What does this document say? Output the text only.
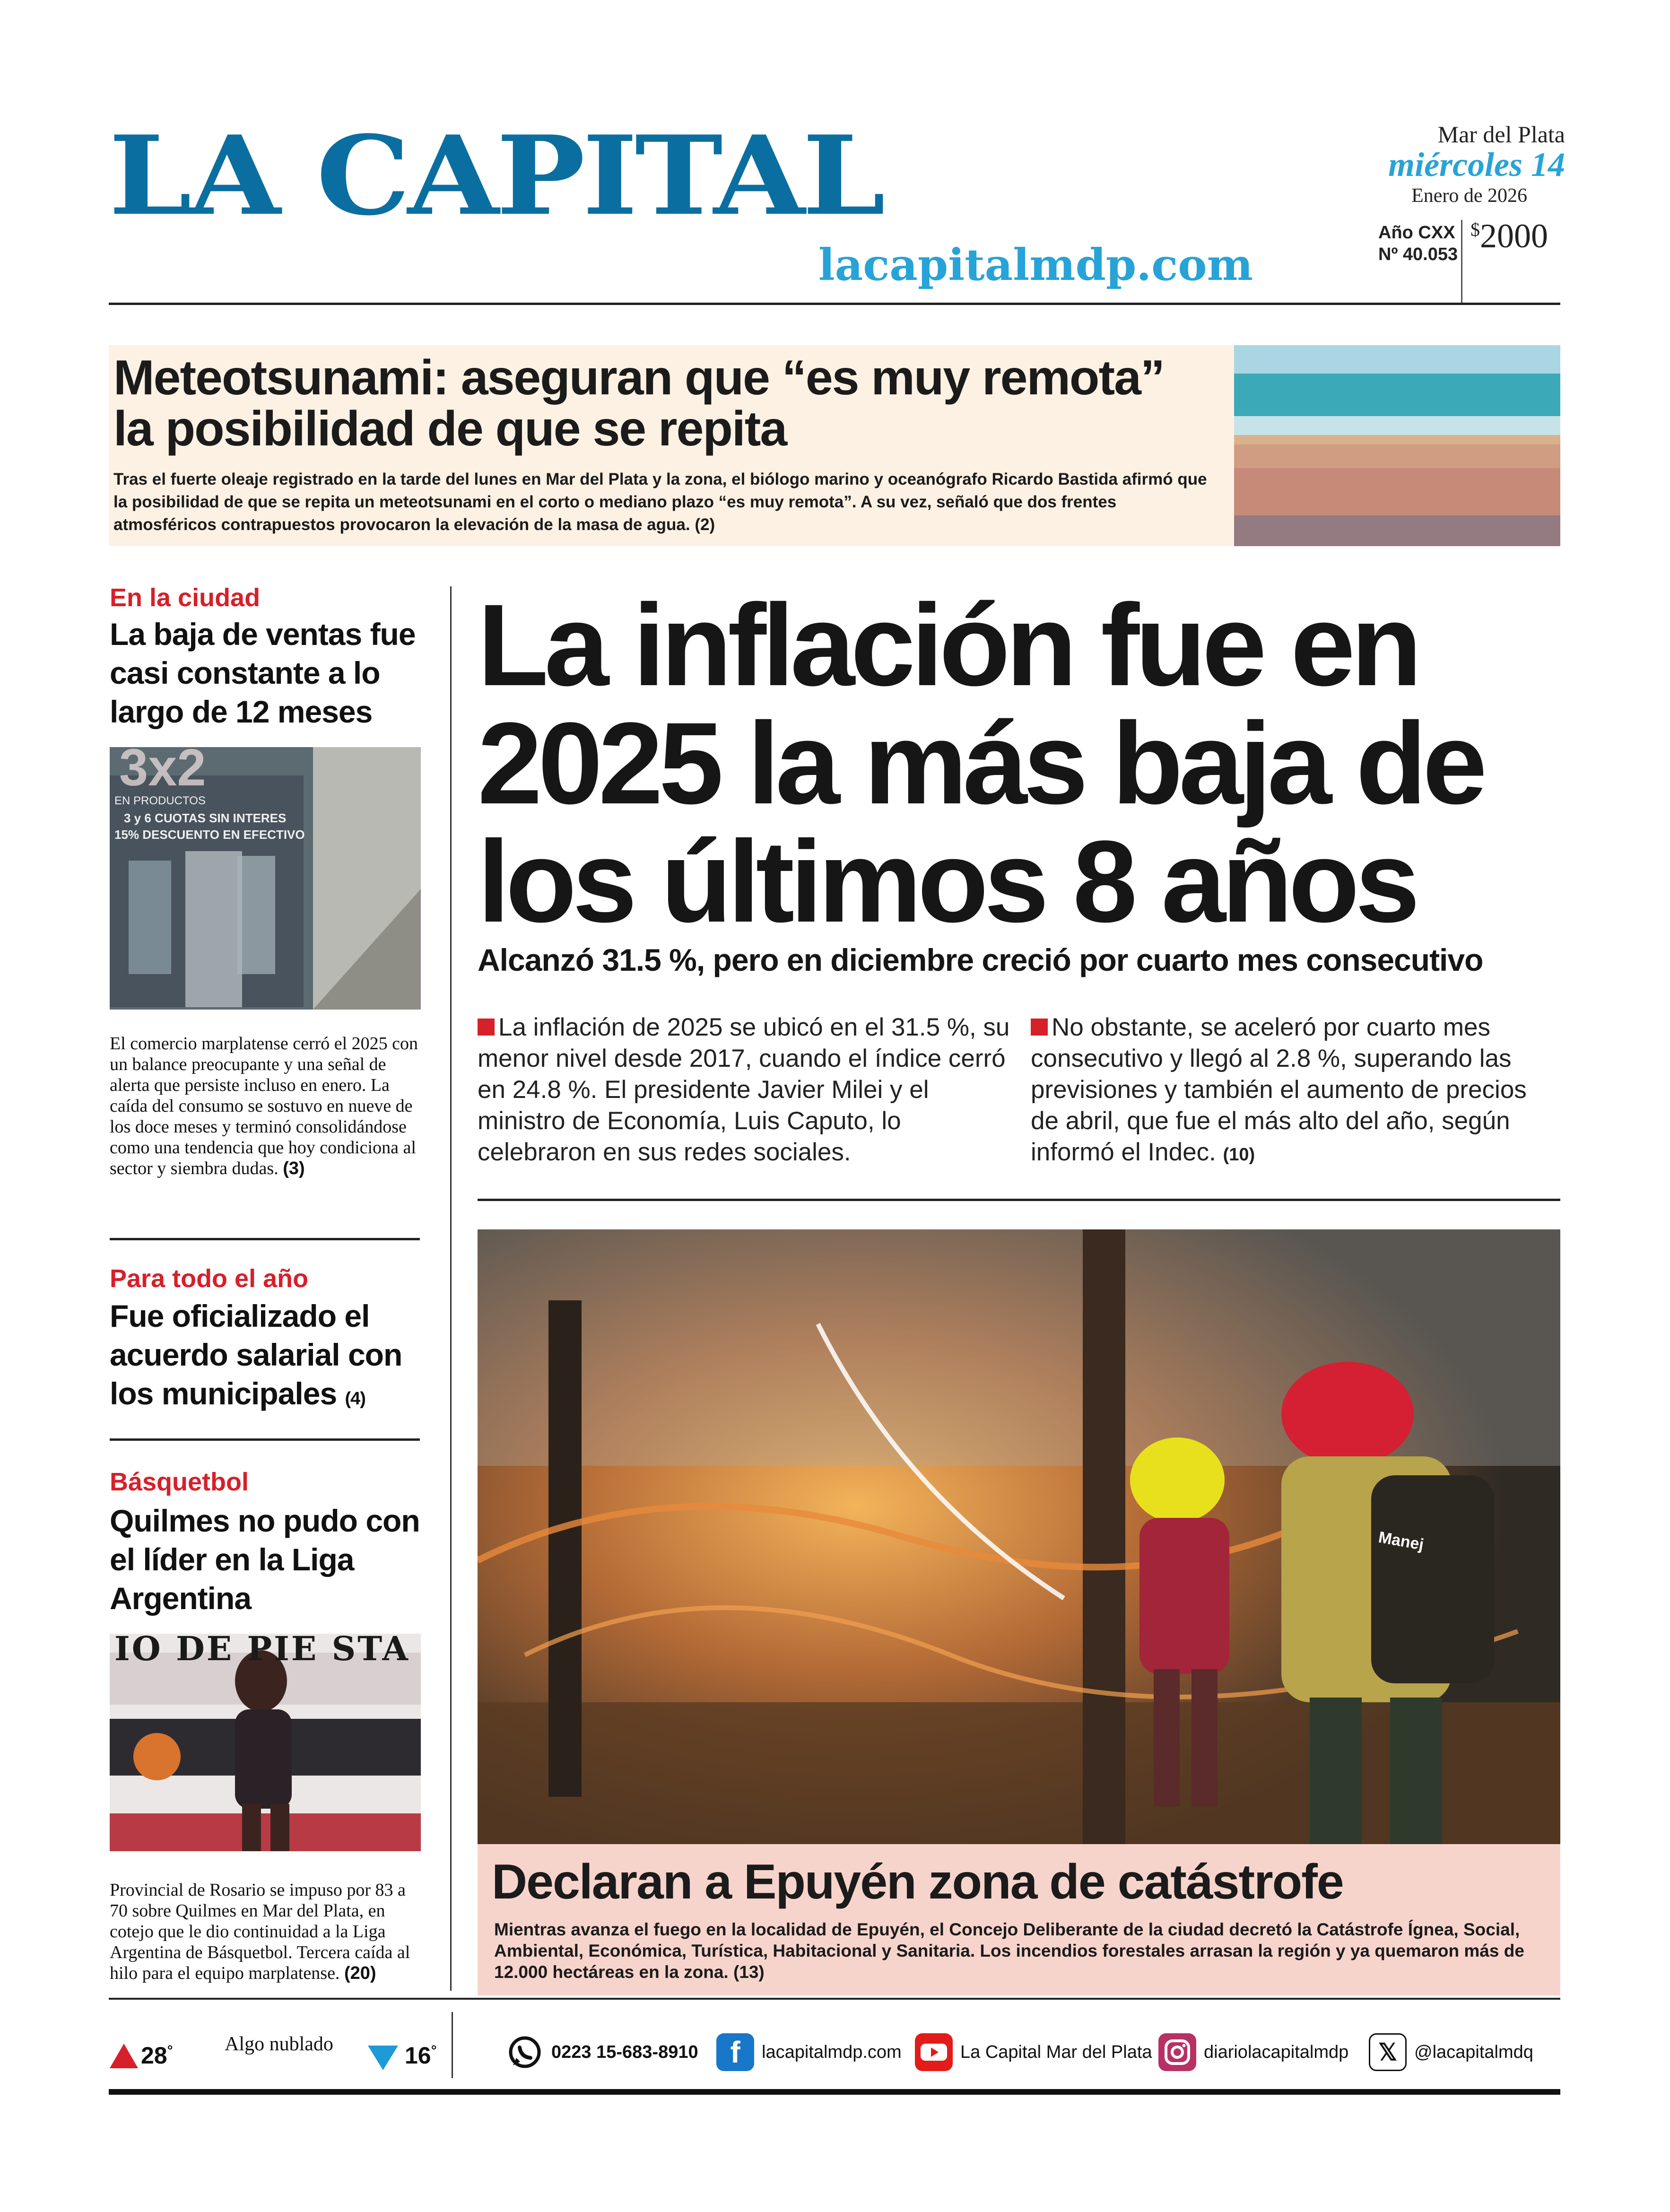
LA CAPITAL
lacapitalmdp.com
Mar del Plata
miércoles 14
Enero de 2026
Año CXX
Nº 40.053
$2000
Meteotsunami: aseguran que “es muy remota” la posibilidad de que se repita
Tras el fuerte oleaje registrado en la tarde del lunes en Mar del Plata y la zona, el biólogo marino y oceanógrafo Ricardo Bastida afirmó que la posibilidad de que se repita un meteotsunami en el corto o mediano plazo “es muy remota”. A su vez, señaló que dos frentes atmosféricos contrapuestos provocaron la elevación de la masa de agua. (2)
En la ciudad
La baja de ventas fue casi constante a lo largo de 12 meses
3x2
EN PRODUCTOS
3 y 6 CUOTAS SIN INTERES
15% DESCUENTO EN EFECTIVO
El comercio marplatense cerró el 2025 con un balance preocupante y una señal de alerta que persiste incluso en enero. La caída del consumo se sostuvo en nueve de los doce meses y terminó consolidándose como una tendencia que hoy condiciona al sector y siembra dudas. (3)
Para todo el año
Fue oficializado el acuerdo salarial con los municipales (4)
Básquetbol
Quilmes no pudo con el líder en la Liga Argentina
IO DE PIE STA
Provincial de Rosario se impuso por 83 a 70 sobre Quilmes en Mar del Plata, en cotejo que le dio continuidad a la Liga Argentina de Básquetbol. Tercera caída al hilo para el equipo marplatense. (20)
La inflación fue en 2025 la más baja de los últimos 8 años
Alcanzó 31.5 %, pero en diciembre creció por cuarto mes consecutivo
La inflación de 2025 se ubicó en el 31.5 %, su menor nivel desde 2017, cuando el índice cerró en 24.8 %. El presidente Javier Milei y el ministro de Economía, Luis Caputo, lo celebraron en sus redes sociales.
No obstante, se aceleró por cuarto mes consecutivo y llegó al 2.8 %, superando las previsiones y también el aumento de precios de abril, que fue el más alto del año, según informó el Indec. (10)
Manej
Declaran a Epuyén zona de catástrofe
Mientras avanza el fuego en la localidad de Epuyén, el Concejo Deliberante de la ciudad decretó la Catástrofe Ígnea, Social, Ambiental, Económica, Turística, Habitacional y Sanitaria. Los incendios forestales arrasan la región y ya quemaron más de 12.000 hectáreas en la zona. (13)
28°	Algo nublado	16°	0223 15-683-8910	f	lacapitalmdp.com	La Capital Mar del Plata	diariolacapitalmdp	𝕏 @lacapitalmdq
